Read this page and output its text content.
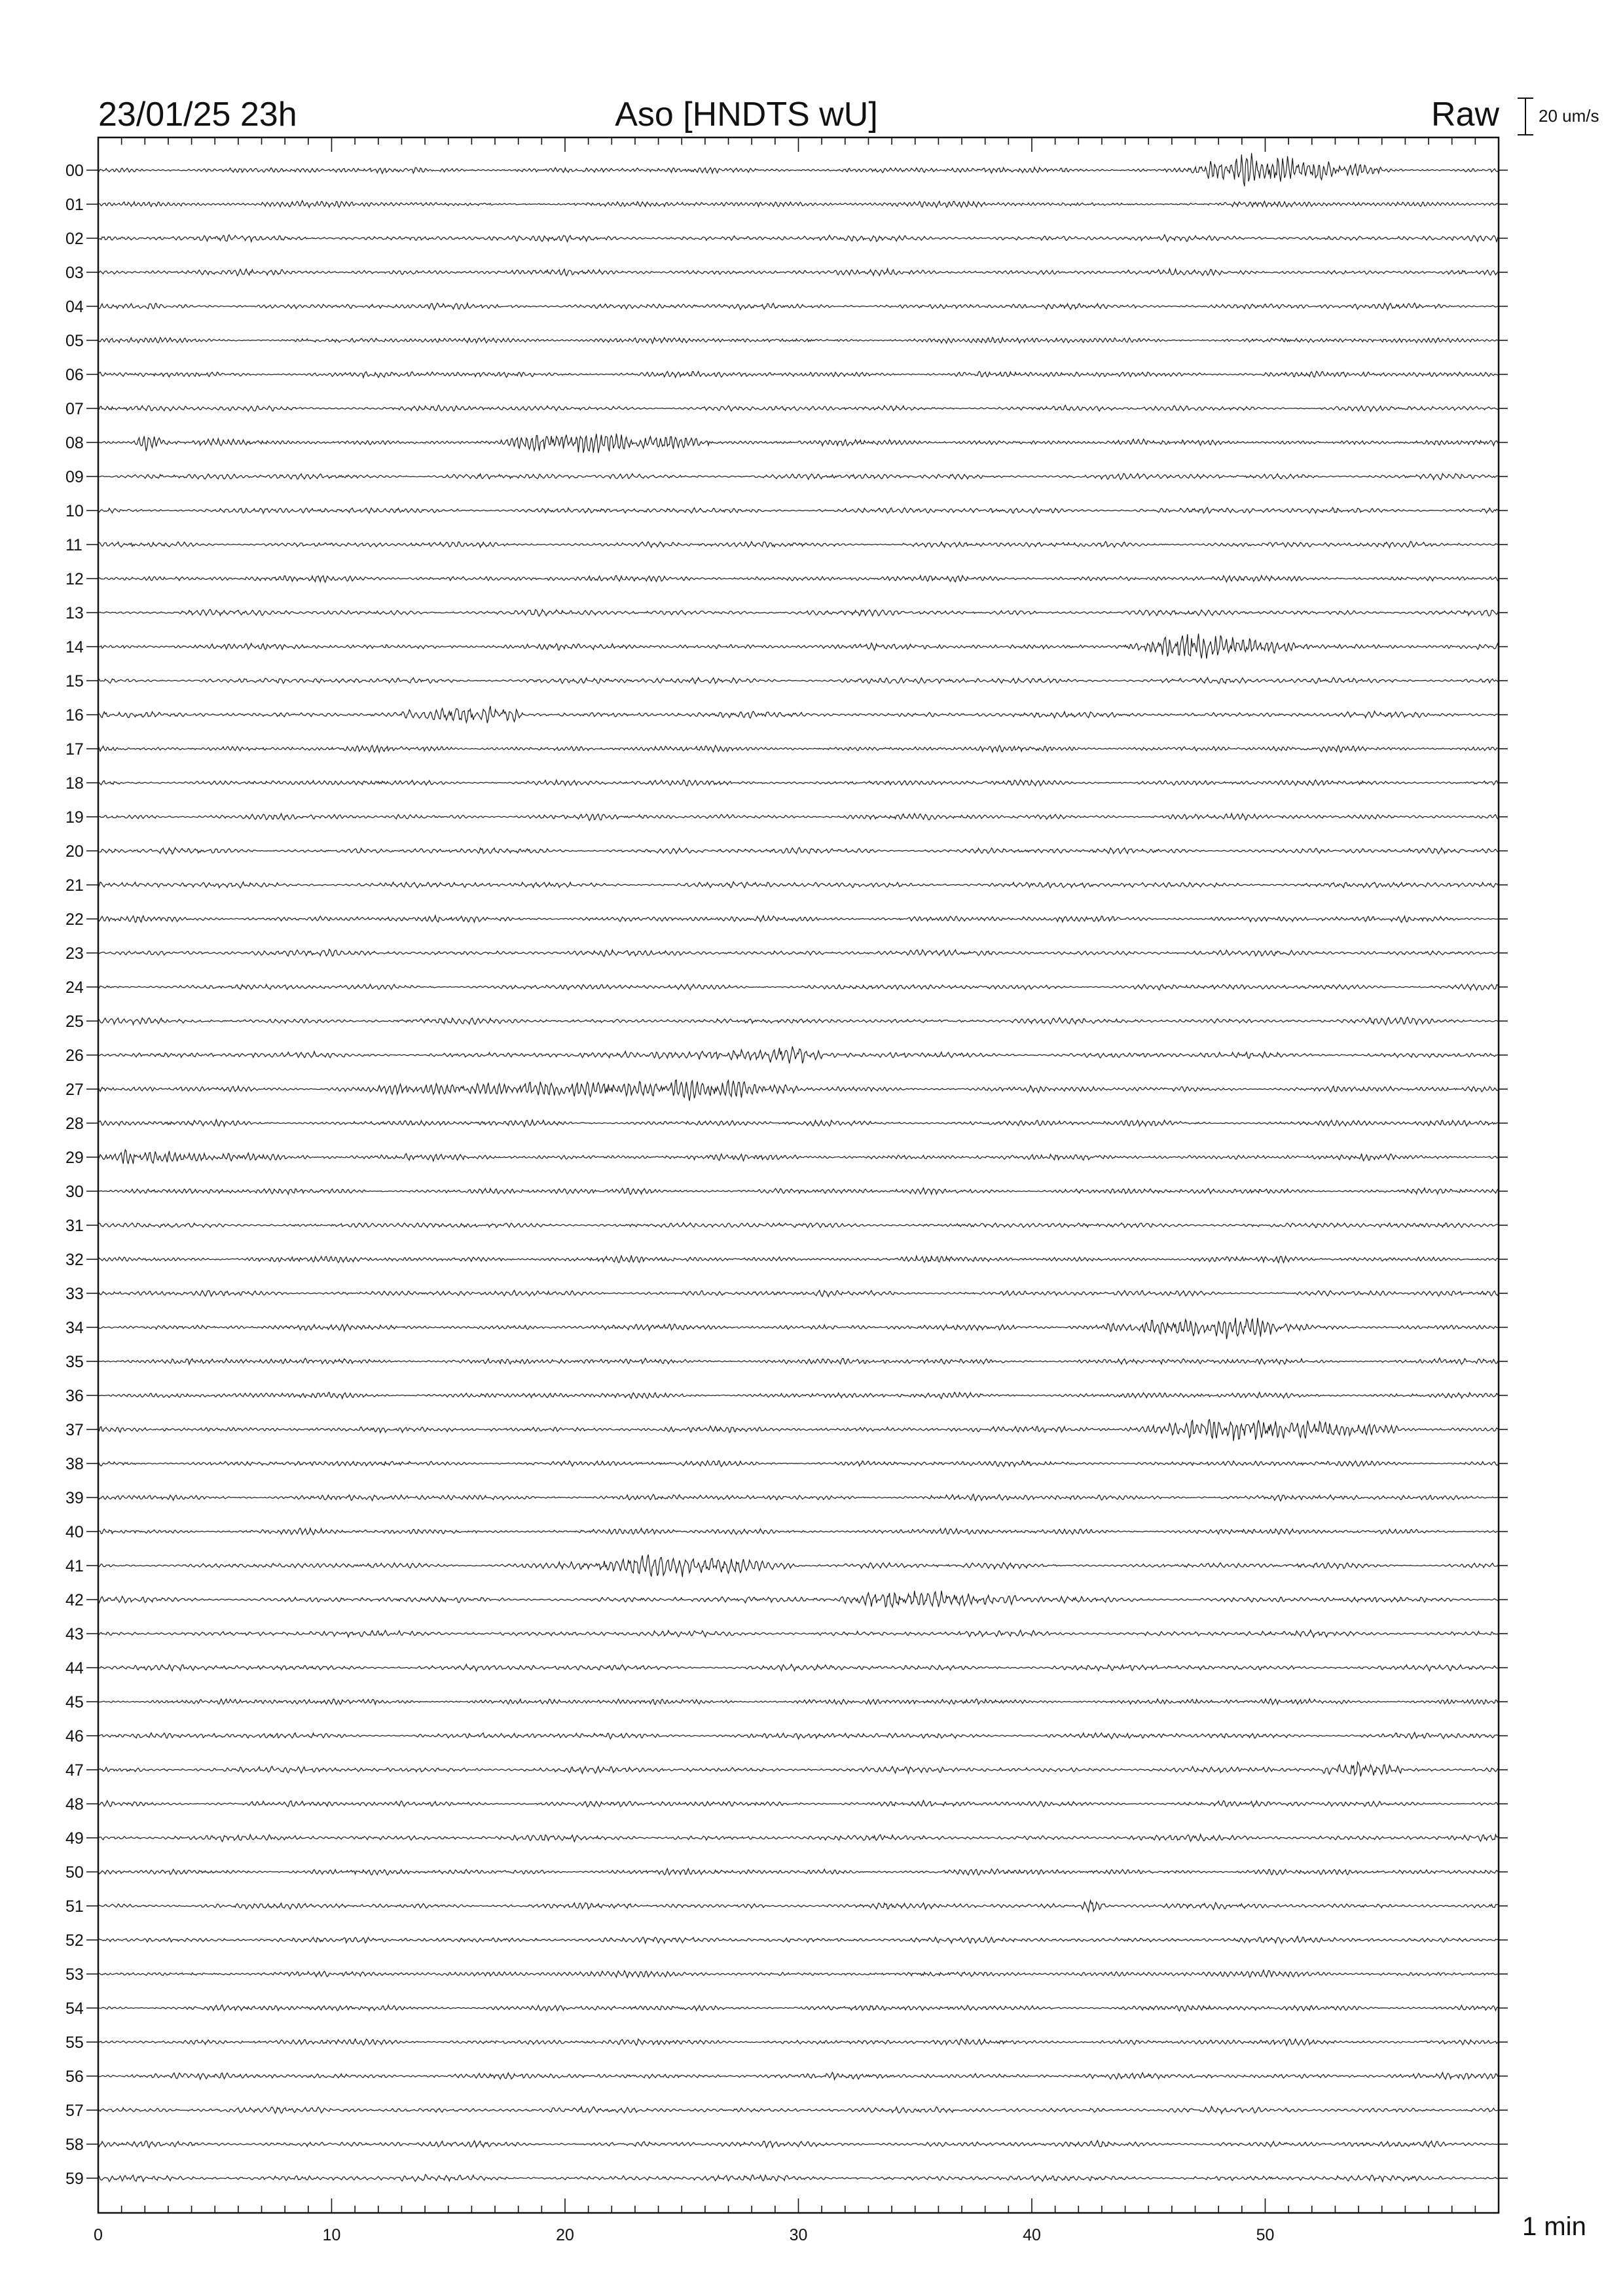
23/01/25 23h	Aso [HNDTS wU]	Raw 20 um/s
00
01
02
03
04
05
06
07
08
09
10
11
12
13
14
15
16
17
18
19
20
21
22
23
24
25
26
27
28
29
30
31
32
33
34
35
36
37
38
39
40
41
42
43
44
45
46
47
48
49
50
51
52
53
54
55
56
57
58
59
0	10	20	30	40	50	1 min
